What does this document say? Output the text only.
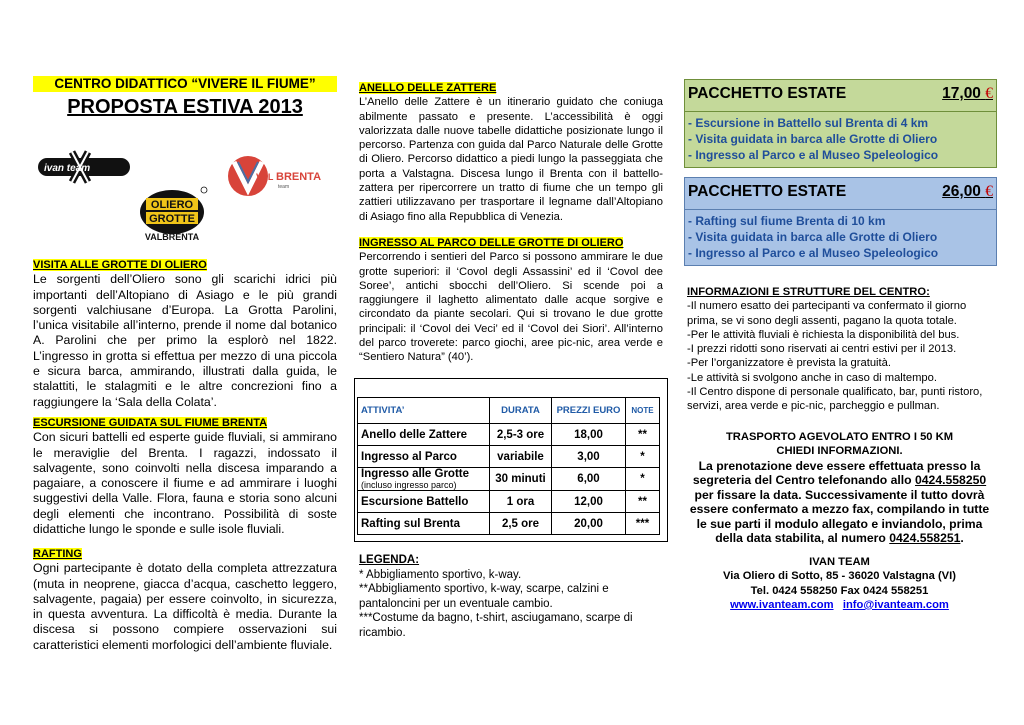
CENTRO DIDATTICO “VIVERE IL FIUME”
PROPOSTA ESTIVA 2013
ivan team
OLIERO
GROTTE
VALBRENTA
VAL BRENTA
team
VISITA ALLE GROTTE DI OLIERO

Le sorgenti dell’Oliero sono gli scarichi idrici più importanti dell’Altopiano di Asiago e le più grandi sorgenti valchiusane d’Europa. La Grotta Parolini, l’unica visitabile all’interno, prende il nome dal botanico A. Parolini che per primo la esplorò nel 1822. L’ingresso in grotta si effettua per mezzo di una piccola e sicura barca, ammirando, illustrati dalla guida, le stalattiti, le stalagmiti e le altre concrezioni fino a raggiungere la ‘Sala della Colata’.

ESCURSIONE GUIDATA SUL FIUME BRENTA

Con sicuri battelli ed esperte guide fluviali, si ammirano le meraviglie del Brenta. I ragazzi, indossato il salvagente, sono coinvolti nella discesa imparando a pagaiare, a conoscere il fiume e ad ammirare i luoghi suggestivi della Valle. Flora, fauna e storia sono alcuni degli elementi che incontrano. Possibilità di soste didattiche lungo le sponde e sulle isole fluviali.

RAFTING

Ogni partecipante è dotato della completa attrezzatura (muta in neoprene, giacca d’acqua, caschetto leggero, salvagente, pagaia) per essere coinvolto, in sicurezza, in questa avventura. La difficoltà è media. Durante la discesa si possono compiere osservazioni sui caratteristici elementi morfologici dell’ambiente fluviale.

ANELLO DELLE ZATTERE

L’Anello delle Zattere è un itinerario guidato che coniuga abilmente passato e presente. L’accessibilità è oggi valorizzata dalle nuove tabelle didattiche posizionate lungo il percorso. Partenza con guida dal Parco Naturale delle Grotte di Oliero. Percorso didattico a piedi lungo la passeggiata che porta a Valstagna. Discesa lungo il Brenta con il battello-zattera per ripercorrere un tratto di fiume che un tempo gli zattieri utilizzavano per trasportare il legname dall’Altopiano di Asiago fino alla Repubblica di Venezia.

INGRESSO AL PARCO DELLE GROTTE DI OLIERO

Percorrendo i sentieri del Parco si possono ammirare le due grotte superiori: il ‘Covol degli Assassini’ ed il ‘Covol dee Soree’, antichi sbocchi dell’Oliero. Si scende poi a raggiungere il laghetto alimentato dalle acque sorgive e circondato da piante secolari. Qui si trovano le due grotte principali: il ‘Covol dei Veci’ ed il ‘Covol dei Siori’. All’interno del parco troverete: parco giochi, aree pic-nic, area verde e “Sentiero Natura” (40’).

ATTIVITA’	DURATA	PREZZI EURO	NOTE
Anello delle Zattere	2,5-3 ore	18,00	**
Ingresso al Parco	variabile	3,00	*
Ingresso alle Grotte
(incluso ingresso parco)	30 minuti	6,00	*
Escursione Battello	1 ora	12,00	**
Rafting sul Brenta	2,5 ore	20,00	***
LEGENDA:

* Abbigliamento sportivo, k-way.

**Abbigliamento sportivo, k-way, scarpe, calzini e pantaloncini per un eventuale cambio.

***Costume da bagno, t-shirt, asciugamano, scarpe di ricambio.

PACCHETTO ESTATE	17,00 €
- Escursione in Battello sul Brenta di 4 km
- Visita guidata in barca alle Grotte di Oliero
- Ingresso al Parco e al Museo Speleologico
PACCHETTO ESTATE	26,00 €
- Rafting sul fiume Brenta di 10 km
- Visita guidata in barca alle Grotte di Oliero
- Ingresso al Parco e al Museo Speleologico
INFORMAZIONI E STRUTTURE DEL CENTRO:

-Il numero esatto dei partecipanti va confermato il giorno prima, se vi sono degli assenti, pagano la quota totale.

-Per le attività fluviali è richiesta la disponibilità del bus.

-I prezzi ridotti sono riservati ai centri estivi per il 2013.

-Per l’organizzatore è prevista la gratuità.

-Le attività si svolgono anche in caso di maltempo.

-Il Centro dispone di personale qualificato, bar, punti ristoro, servizi, area verde e pic-nic, parcheggio e pullman.

TRASPORTO AGEVOLATO ENTRO I 50 KM
CHIEDI INFORMAZIONI.

La prenotazione deve essere effettuata presso la segreteria del Centro telefonando allo 0424.558250 per fissare la data. Successivamente il tutto dovrà essere confermato a mezzo fax, compilando in tutte le sue parti il modulo allegato e inviandolo, prima della data stabilita, al numero 0424.558251.

IVAN TEAM
Via Oliero di Sotto, 85 - 36020 Valstagna (VI)
Tel. 0424 558250 Fax 0424 558251
www.ivanteam.com info@ivanteam.com
